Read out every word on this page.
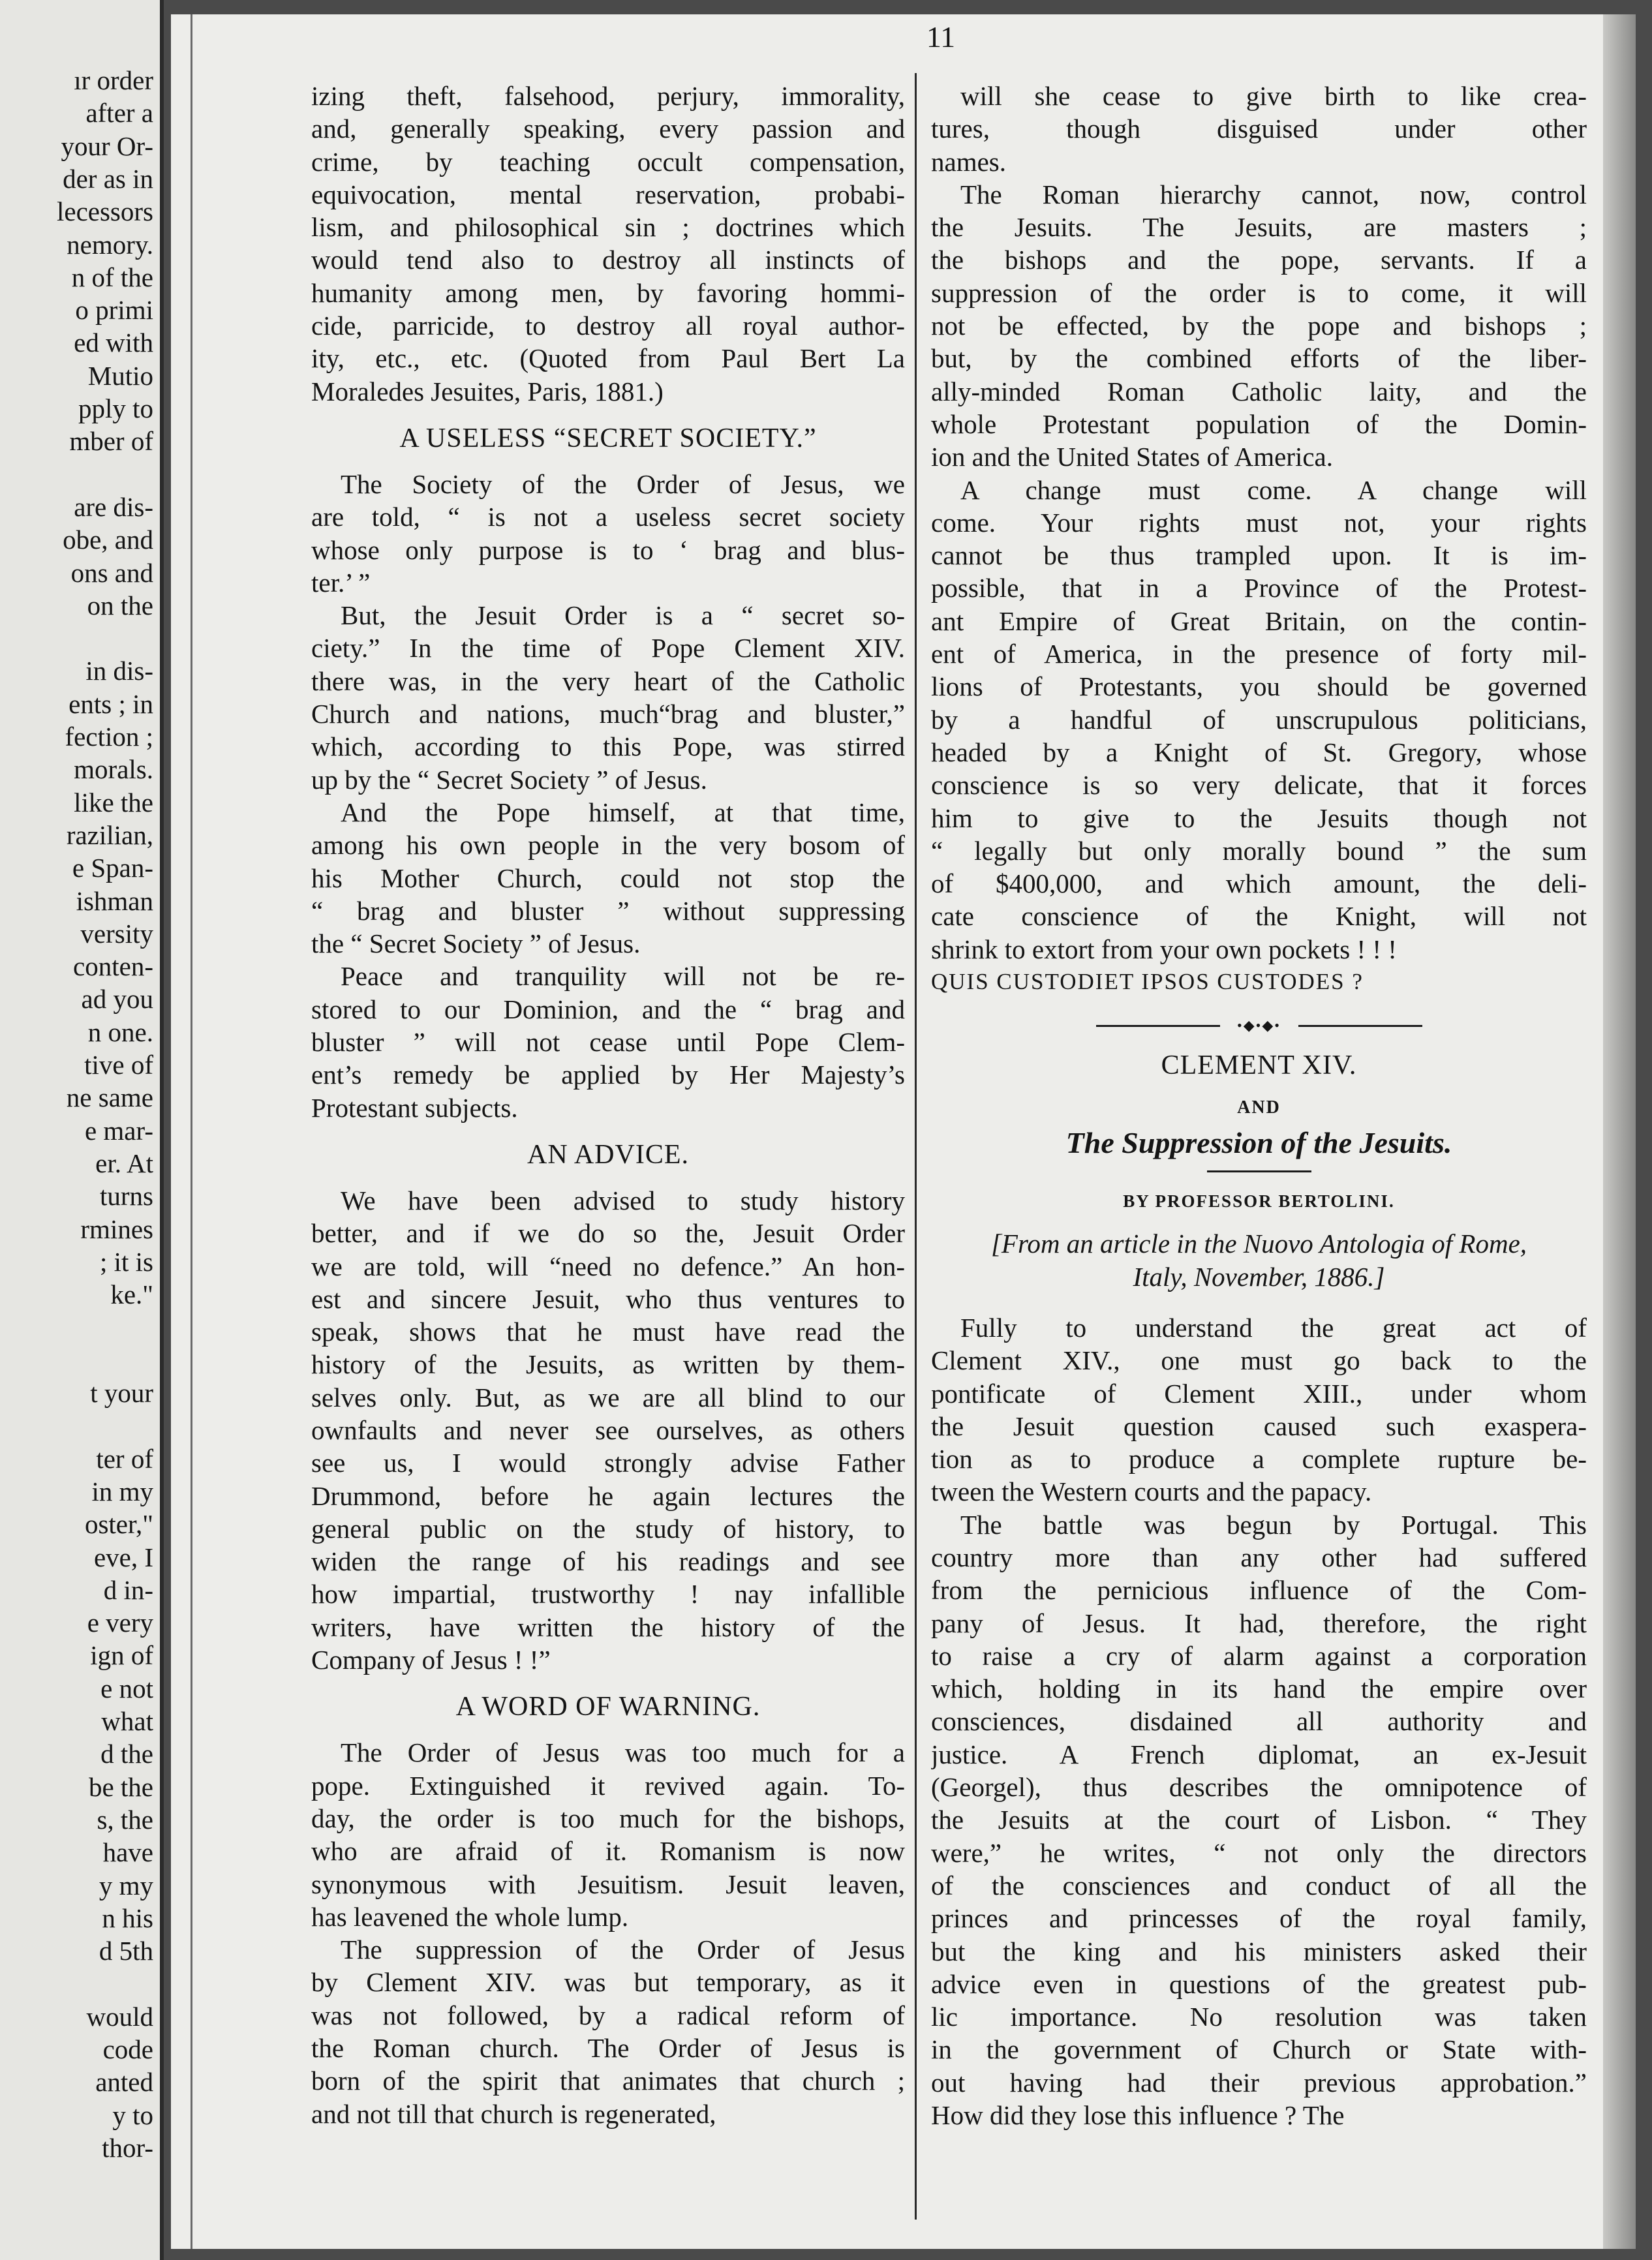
ır order
after a
your Or-
der as in
lecessors
nemory.
n of the
o primi
ed with
Mutio
pply to
mber of
are dis-
obe, and
ons and
on the
in dis-
ents ; in
fection ;
morals.
like the
razilian,
e Span-
ishman
versity
conten-
ad you
n one.
tive of
ne same
e mar-
er. At
turns
rmines
; it is
ke."
t your
ter of
in my
oster,"
eve, I
d in-
e very
ign of
e not
what
d the
be the
s, the
have
y my
n his
d 5th
would
code
anted
y to
thor-
11
izing theft, falsehood, perjury, immorality,
and, generally speaking, every passion and
crime, by teaching occult compensation,
equivocation, mental reservation, probabi-
lism, and philosophical sin ; doctrines which
would tend also to destroy all instincts of
humanity among men, by favoring hommi-
cide, parricide, to destroy all royal author-
ity, etc., etc. (Quoted from Paul Bert La
Moraledes Jesuites, Paris, 1881.)
A USELESS “SECRET SOCIETY.”
The Society of the Order of Jesus, we
are told, “ is not a useless secret society
whose only purpose is to ‘ brag and blus-
ter.’ ”
But, the Jesuit Order is a “ secret so-
ciety.” In the time of Pope Clement XIV.
there was, in the very heart of the Catholic
Church and nations, much“brag and bluster,”
which, according to this Pope, was stirred
up by the “ Secret Society ” of Jesus.
And the Pope himself, at that time,
among his own people in the very bosom of
his Mother Church, could not stop the
“ brag and bluster ” without suppressing
the “ Secret Society ” of Jesus.
Peace and tranquility will not be re-
stored to our Dominion, and the “ brag and
bluster ” will not cease until Pope Clem-
ent’s remedy be applied by Her Majesty’s
Protestant subjects.
AN ADVICE.
We have been advised to study history
better, and if we do so the, Jesuit Order
we are told, will “need no defence.” An hon-
est and sincere Jesuit, who thus ventures to
speak, shows that he must have read the
history of the Jesuits, as written by them-
selves only. But, as we are all blind to our
ownfaults and never see ourselves, as others
see us, I would strongly advise Father
Drummond, before he again lectures the
general public on the study of history, to
widen the range of his readings and see
how impartial, trustworthy ! nay infallible
writers, have written the history of the
Company of Jesus ! !”
A WORD OF WARNING.
The Order of Jesus was too much for a
pope. Extinguished it revived again. To-
day, the order is too much for the bishops,
who are afraid of it. Romanism is now
synonymous with Jesuitism. Jesuit leaven,
has leavened the whole lump.
The suppression of the Order of Jesus
by Clement XIV. was but temporary, as it
was not followed, by a radical reform of
the Roman church. The Order of Jesus is
born of the spirit that animates that church ;
and not till that church is regenerated,
will she cease to give birth to like crea-
tures, though disguised under other
names.
The Roman hierarchy cannot, now, control
the Jesuits. The Jesuits, are masters ;
the bishops and the pope, servants. If a
suppression of the order is to come, it will
not be effected, by the pope and bishops ;
but, by the combined efforts of the liber-
ally-minded Roman Catholic laity, and the
whole Protestant population of the Domin-
ion and the United States of America.
A change must come. A change will
come. Your rights must not, your rights
cannot be thus trampled upon. It is im-
possible, that in a Province of the Protest-
ant Empire of Great Britain, on the contin-
ent of America, in the presence of forty mil-
lions of Protestants, you should be governed
by a handful of unscrupulous politicians,
headed by a Knight of St. Gregory, whose
conscience is so very delicate, that it forces
him to give to the Jesuits though not
“ legally but only morally bound ” the sum
of $400,000, and which amount, the deli-
cate conscience of the Knight, will not
shrink to extort from your own pockets ! ! !
QUIS CUSTODIET IPSOS CUSTODES ?
•◆•◆•
CLEMENT XIV.
AND
The Suppression of the Jesuits.
BY PROFESSOR BERTOLINI.
[From an article in the Nuovo Antologia of Rome,
Italy, November, 1886.]
Fully to understand the great act of
Clement XIV., one must go back to the
pontificate of Clement XIII., under whom
the Jesuit question caused such exaspera-
tion as to produce a complete rupture be-
tween the Western courts and the papacy.
The battle was begun by Portugal. This
country more than any other had suffered
from the pernicious influence of the Com-
pany of Jesus. It had, therefore, the right
to raise a cry of alarm against a corporation
which, holding in its hand the empire over
consciences, disdained all authority and
justice. A French diplomat, an ex-Jesuit
(Georgel), thus describes the omnipotence of
the Jesuits at the court of Lisbon. “ They
were,” he writes, “ not only the directors
of the consciences and conduct of all the
princes and princesses of the royal family,
but the king and his ministers asked their
advice even in questions of the greatest pub-
lic importance. No resolution was taken
in the government of Church or State with-
out having had their previous approbation.”
How did they lose this influence ? The
